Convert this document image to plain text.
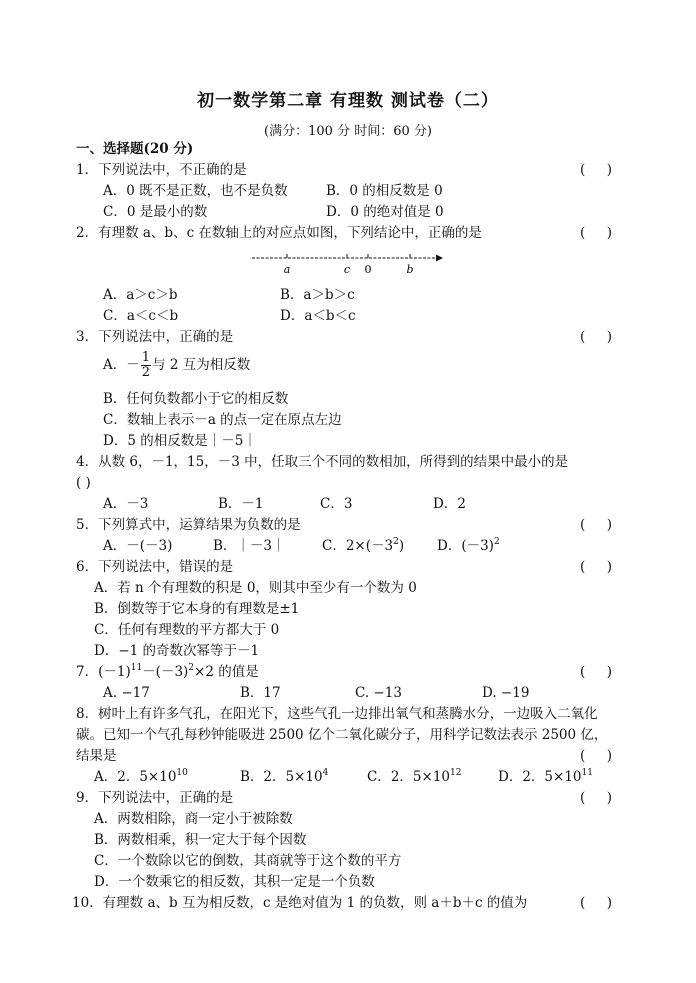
初一数学第二章 有理数 测试卷（二）
(满分：100 分 时间：60 分)
一、选择题(20 分)
1．下列说法中，不正确的是	(     )
A．0 既不是正数，也不是负数	B．0 的相反数是 0
C．0 是最小的数	D．0 的绝对值是 0
2．有理数 a、b、c 在数轴上的对应点如图，下列结论中，正确的是	(     )
a	c 0	b
A．a＞c＞b	B．a＞b＞c
C．a＜c＜b	D．a＜b＜c
3．下列说法中，正确的是	(     )
A．－ $\frac{1}{2}$ 与 2 互为相反数
B．任何负数都小于它的相反数
C．数轴上表示－a 的点一定在原点左边
D．5 的相反数是｜－5｜
4．从数 6，－1，15，－3 中，任取三个不同的数相加，所得到的结果中最小的是
( )
A．－3	B．－1	C．3	D．2
5．下列算式中，运算结果为负数的是	(     )
A．－(－3)	B．｜－3｜	C．$2\times(-3^2)$ D．$(-3)^2$
6．下列说法中，错误的是	(     )
A．若 n 个有理数的积是 0，则其中至少有一个数为 0
B．倒数等于它本身的有理数是±1
C．任何有理数的平方都大于 0
D．−1 的奇数次幂等于－1
7．$(-1)^{11}-(-3)^2\times 2$ 的值是	(     )
A. −17	B．17	C. −13	D. −19
8．树叶上有许多气孔，在阳光下，这些气孔一边排出氧气和蒸腾水分，一边吸入二氧化
碳。已知一个气孔每秒钟能吸进 2500 亿个二氧化碳分子，用科学记数法表示 2500 亿，
结果是	(     )
A．2．$5\times 10^{10}$	B．2．$5\times 10^4$	C．2．$5\times 10^{12}$	D．2．$5\times 10^{11}$
9．下列说法中，正确的是	(     )
A．两数相除，商一定小于被除数
B．两数相乘，积一定大于每个因数
C．一个数除以它的倒数，其商就等于这个数的平方
D．一个数乘它的相反数，其积一定是一个负数
10．有理数 a、b 互为相反数，c 是绝对值为 1 的负数，则 a＋b＋c 的值为	(     )
